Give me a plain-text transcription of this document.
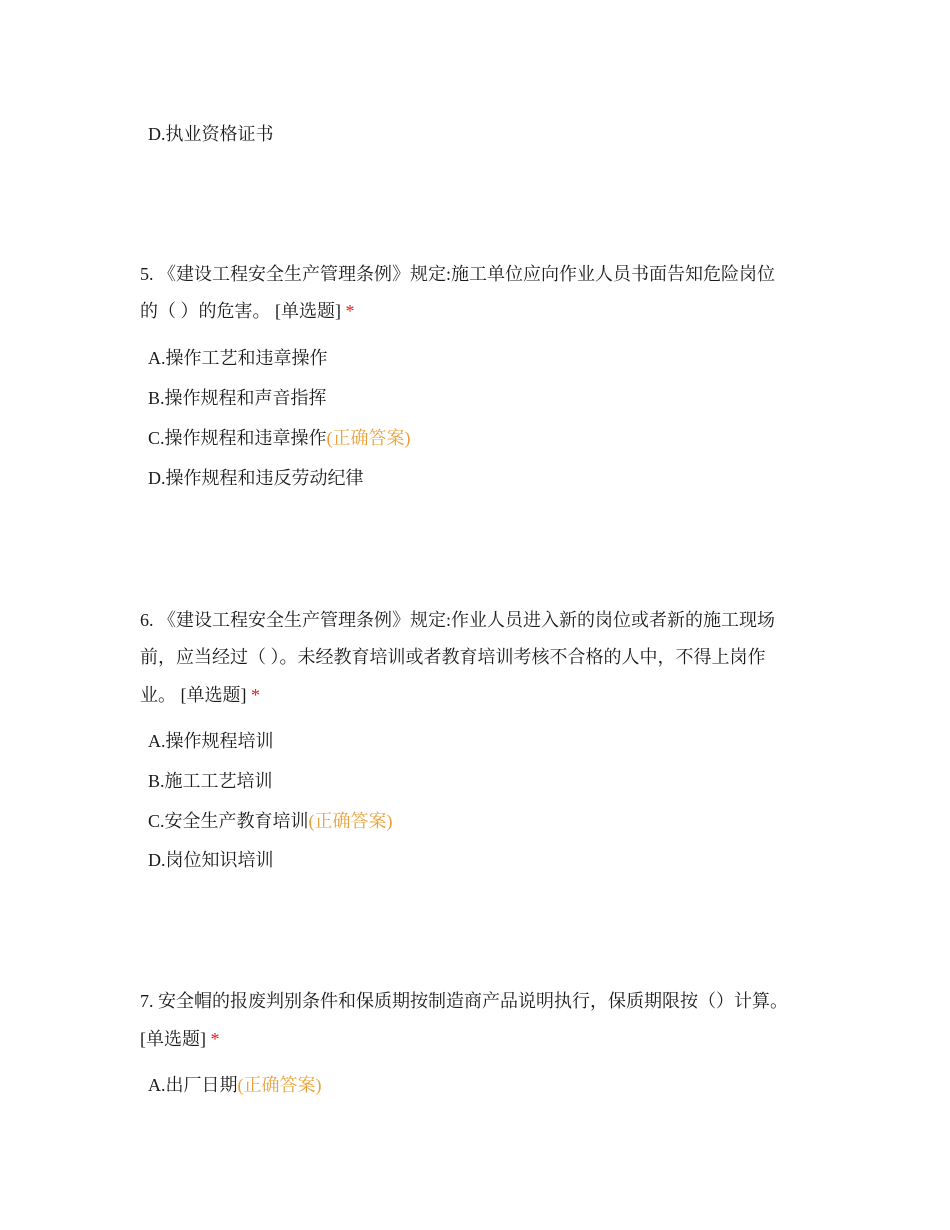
D.执业资格证书
5. 《建设工程安全生产管理条例》规定:施工单位应向作业人员书面告知危险岗位
的（ ）的危害。 [单选题] *
A.操作工艺和违章操作
B.操作规程和声音指挥
C.操作规程和违章操作(正确答案)
D.操作规程和违反劳动纪律
6. 《建设工程安全生产管理条例》规定:作业人员进入新的岗位或者新的施工现场
前，应当经过（ ）。未经教育培训或者教育培训考核不合格的人中，不得上岗作
业。 [单选题] *
A.操作规程培训
B.施工工艺培训
C.安全生产教育培训(正确答案)
D.岗位知识培训
7. 安全帽的报废判别条件和保质期按制造商产品说明执行，保质期限按（）计算。
[单选题] *
A.出厂日期(正确答案)
